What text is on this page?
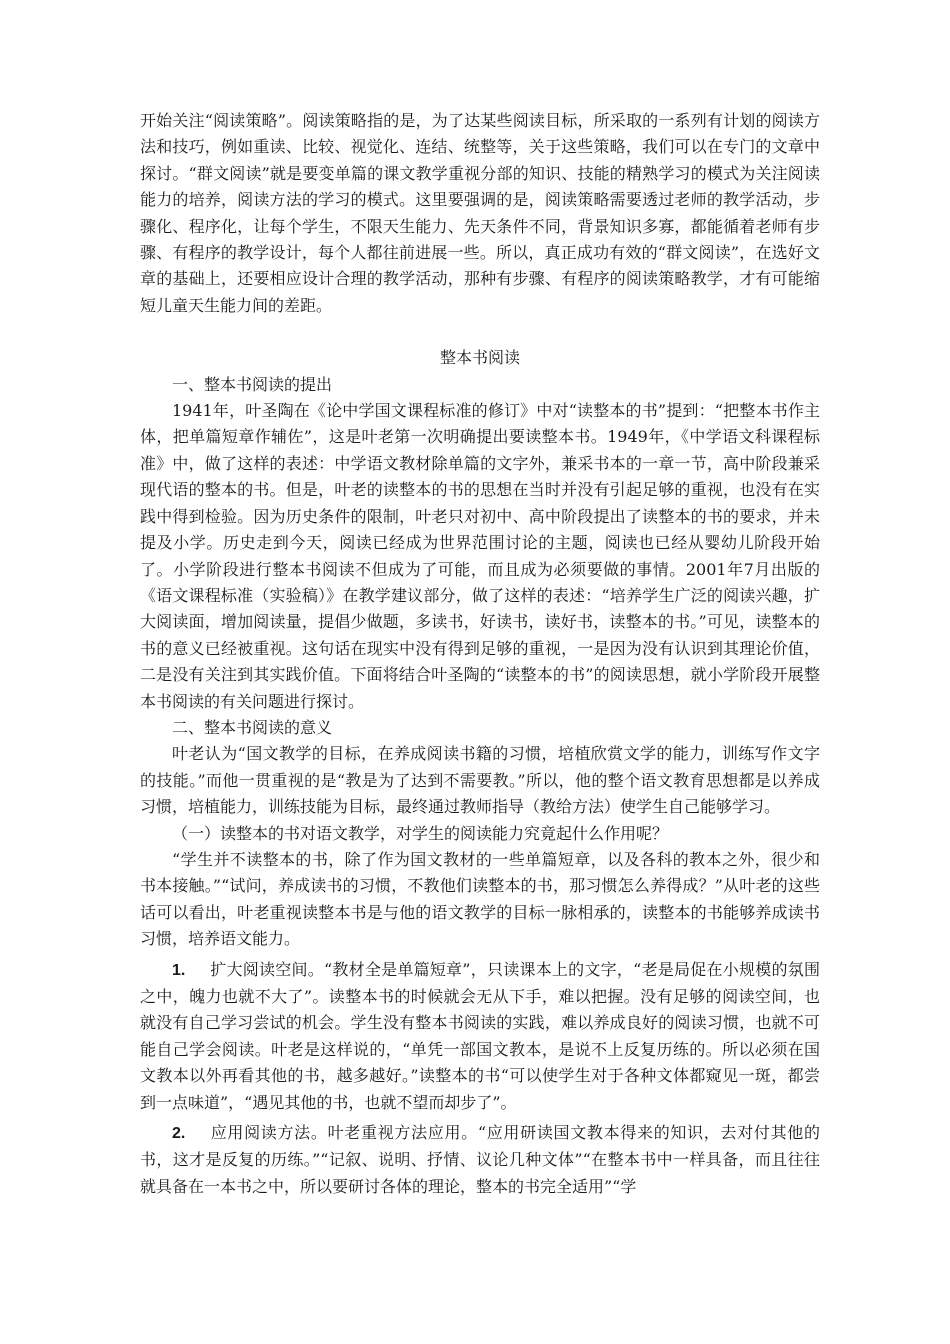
开始关注“阅读策略”。阅读策略指的是，为了达某些阅读目标，所采取的一系列有计划的阅读方法和技巧，例如重读、比较、视觉化、连结、统整等，关于这些策略，我们可以在专门的文章中探讨。“群文阅读”就是要变单篇的课文教学重视分部的知识、技能的精熟学习的模式为关注阅读能力的培养，阅读方法的学习的模式。这里要强调的是，阅读策略需要透过老师的教学活动，步骤化、程序化，让每个学生，不限天生能力、先天条件不同，背景知识多寡，都能循着老师有步骤、有程序的教学设计，每个人都往前进展一些。所以，真正成功有效的“群文阅读”，在选好文章的基础上，还要相应设计合理的教学活动，那种有步骤、有程序的阅读策略教学，才有可能缩短儿童天生能力间的差距。

整本书阅读

一、整本书阅读的提出

1941年，叶圣陶在《论中学国文课程标准的修订》中对“读整本的书”提到：“把整本书作主体，把单篇短章作辅佐”，这是叶老第一次明确提出要读整本书。1949年，《中学语文科课程标准》中，做了这样的表述：中学语文教材除单篇的文字外，兼采书本的一章一节，高中阶段兼采现代语的整本的书。但是，叶老的读整本的书的思想在当时并没有引起足够的重视，也没有在实践中得到检验。因为历史条件的限制，叶老只对初中、高中阶段提出了读整本的书的要求，并未提及小学。历史走到今天，阅读已经成为世界范围讨论的主题，阅读也已经从婴幼儿阶段开始了。小学阶段进行整本书阅读不但成为了可能，而且成为必须要做的事情。2001年7月出版的《语文课程标准（实验稿）》在教学建议部分，做了这样的表述：“培养学生广泛的阅读兴趣，扩大阅读面，增加阅读量，提倡少做题，多读书，好读书，读好书，读整本的书。”可见，读整本的书的意义已经被重视。这句话在现实中没有得到足够的重视，一是因为没有认识到其理论价值，二是没有关注到其实践价值。下面将结合叶圣陶的“读整本的书”的阅读思想，就小学阶段开展整本书阅读的有关问题进行探讨。

二、整本书阅读的意义

叶老认为“国文教学的目标，在养成阅读书籍的习惯，培植欣赏文学的能力，训练写作文字的技能。”而他一贯重视的是“教是为了达到不需要教。”所以，他的整个语文教育思想都是以养成习惯，培植能力，训练技能为目标，最终通过教师指导（教给方法）使学生自己能够学习。

（一）读整本的书对语文教学，对学生的阅读能力究竟起什么作用呢？

“学生并不读整本的书，除了作为国文教材的一些单篇短章，以及各科的教本之外，很少和书本接触。”“试问，养成读书的习惯，不教他们读整本的书，那习惯怎么养得成？”从叶老的这些话可以看出，叶老重视读整本书是与他的语文教学的目标一脉相承的，读整本的书能够养成读书习惯，培养语文能力。

1. 扩大阅读空间。“教材全是单篇短章”，只读课本上的文字，“老是局促在小规模的氛围之中，魄力也就不大了”。读整本书的时候就会无从下手，难以把握。没有足够的阅读空间，也就没有自己学习尝试的机会。学生没有整本书阅读的实践，难以养成良好的阅读习惯，也就不可能自己学会阅读。叶老是这样说的，“单凭一部国文教本，是说不上反复历练的。所以必须在国文教本以外再看其他的书，越多越好。”读整本的书“可以使学生对于各种文体都窥见一斑，都尝到一点味道”，“遇见其他的书，也就不望而却步了”。

2. 应用阅读方法。叶老重视方法应用。“应用研读国文教本得来的知识，去对付其他的书，这才是反复的历练。”“记叙、说明、抒情、议论几种文体”“在整本书中一样具备，而且往往就具备在一本书之中，所以要研讨各体的理论，整本的书完全适用”“学
